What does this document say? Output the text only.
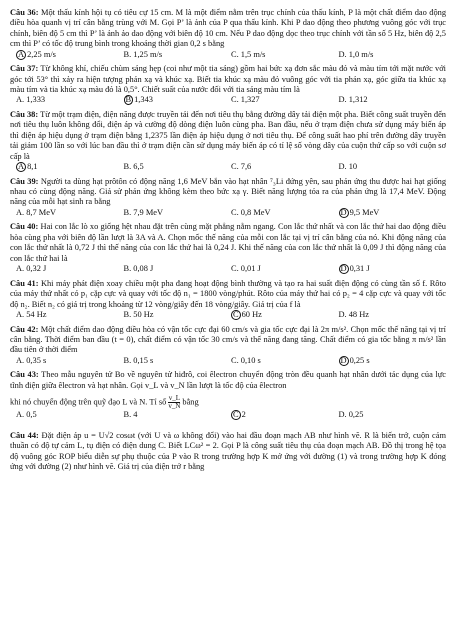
Câu 36: Một thấu kính hội tụ có tiêu cự 15 cm. M là một điểm nằm trên trục chính của thấu kính, P là một chất điểm dao động điều hòa quanh vị trí cân bằng trùng với M. Gọi P’ là ảnh của P qua thấu kính. Khi P dao động theo phương vuông góc với trục chính, biên độ 5 cm thì P’ là ảnh ảo dao động với biên độ 10 cm. Nếu P dao động dọc theo trục chính với tần số 5 Hz, biên độ 2,5 cm thì P’ có tốc độ trung bình trong khoảng thời gian 0,2 s bằng

A 2,25 m/s	B. 1,25 m/s	C. 1,5 m/s	D. 1,0 m/s

Câu 37: Từ không khí, chiếu chùm sáng hẹp (coi như một tia sáng) gồm hai bức xạ đơn sắc màu đỏ và màu tím tới mặt nước với góc tới 53° thì xảy ra hiện tượng phản xạ và khúc xạ. Biết tia khúc xạ màu đỏ vuông góc với tia phản xạ, góc giữa tia khúc xạ màu tím và tia khúc xạ màu đỏ là 0,5°. Chiết suất của nước đối với tia sáng màu tím là

A. 1,333	B 1,343	C. 1,327	D. 1,312

Câu 38: Từ một trạm điện, điện năng được truyền tải đến nơi tiêu thụ bằng đường dây tải điện một pha. Biết công suất truyền đến nơi tiêu thụ luôn không đổi, điện áp và cường độ dòng điện luôn cùng pha. Ban đầu, nếu ở trạm điện chưa sử dụng máy biến áp thì điện áp hiệu dụng ở trạm điện bằng 1,2375 lần điện áp hiệu dụng ở nơi tiêu thụ. Để công suất hao phí trên đường dây truyền tải giảm 100 lần so với lúc ban đầu thì ở trạm điện cần sử dụng máy biến áp có tỉ lệ số vòng dây của cuộn thứ cấp so với cuộn sơ cấp là

A 8,1	B. 6,5	C. 7,6	D. 10

Câu 39: Người ta dùng hạt prôtôn có động năng 1,6 MeV bắn vào hạt nhân ⁷₃Li đứng yên, sau phản ứng thu được hai hạt giống nhau có cùng động năng. Giả sử phản ứng không kèm theo bức xạ γ. Biết năng lượng tỏa ra của phản ứng là 17,4 MeV. Động năng của mỗi hạt sinh ra bằng

A. 8,7 MeV	B. 7,9 MeV	C. 0,8 MeV	D 9,5 MeV

Câu 40: Hai con lắc lò xo giống hệt nhau đặt trên cùng mặt phẳng nằm ngang. Con lắc thứ nhất và con lắc thứ hai dao động điều hòa cùng pha với biên độ lần lượt là 3A và A. Chọn mốc thế năng của mỗi con lắc tại vị trí cân bằng của nó. Khi động năng của con lắc thứ nhất là 0,72 J thì thế năng của con lắc thứ hai là 0,24 J. Khi thế năng của con lắc thứ nhất là 0,09 J thì động năng của con lắc thứ hai là

A. 0,32 J	B. 0,08 J	C. 0,01 J	D 0,31 J

Câu 41: Khi máy phát điện xoay chiều một pha đang hoạt động bình thường và tạo ra hai suất điện động có cùng tần số f. Rôto của máy thứ nhất có p₁ cặp cực và quay với tốc độ n₁ = 1800 vòng/phút. Rôto của máy thứ hai có p₂ = 4 cặp cực và quay với tốc độ n₂. Biết n₂ có giá trị trong khoảng từ 12 vòng/giây đến 18 vòng/giây. Giá trị của f là

A. 54 Hz	B. 50 Hz	C 60 Hz	D. 48 Hz

Câu 42: Một chất điểm dao động điều hòa có vận tốc cực đại 60 cm/s và gia tốc cực đại là 2π m/s². Chọn mốc thế năng tại vị trí cân bằng. Thời điểm ban đầu (t = 0), chất điểm có vận tốc 30 cm/s và thế năng đang tăng. Chất điểm có gia tốc bằng π m/s² lần đầu tiên ở thời điểm

A. 0,35 s	B. 0,15 s	C. 0,10 s	D 0,25 s

Câu 43: Theo mẫu nguyên tử Bo về nguyên tử hiđrô, coi êlectron chuyển động tròn đều quanh hạt nhân dưới tác dụng của lực tĩnh điện giữa êlectron và hạt nhân. Gọi v_L và v_N lần lượt là tốc độ của êlectron

khi nó chuyển động trên quỹ đạo L và N. Tỉ số $\frac{v\_L}{v\_N}$ bằng

A. 0,5	B. 4	C 2	D. 0,25

Câu 44: Đặt điện áp u = U√2 cosωt (với U và ω không đổi) vào hai đầu đoạn mạch AB như hình vẽ. R là biến trở, cuộn cảm thuần có độ tự cảm L, tụ điện có điện dung C. Biết LCω² = 2. Gọi P là công suất tiêu thụ của đoạn mạch AB. Đồ thị trong hệ tọa độ vuông góc ROP biểu diễn sự phụ thuộc của P vào R trong trường hợp K mở ứng với đường (1) và trong trường hợp K đóng ứng với đường (2) như hình vẽ. Giá trị của điện trở r bằng
